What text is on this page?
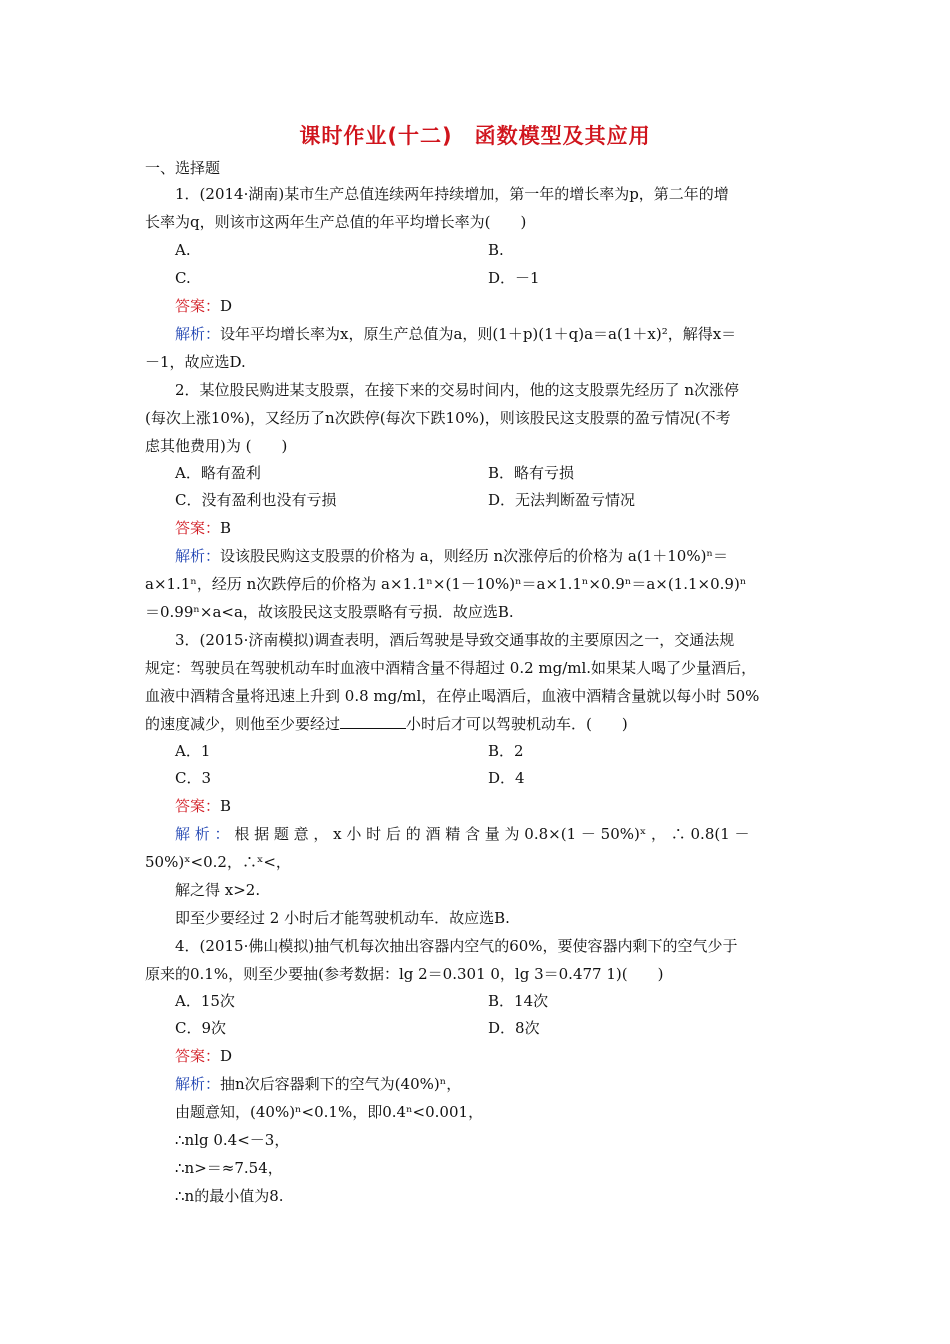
课时作业(十二)　函数模型及其应用
一、选择题
1．(2014·湖南)某市生产总值连续两年持续增加，第一年的增长率为p，第二年的增
长率为q，则该市这两年生产总值的年平均增长率为(　　)
A.	B.
C.	D．－1
答案：D
解析：设年平均增长率为x，原生产总值为a，则(1＋p)(1＋q)a＝a(1＋x)²，解得x＝
－1，故应选D.
2．某位股民购进某支股票，在接下来的交易时间内，他的这支股票先经历了 n次涨停
(每次上涨10%)，又经历了n次跌停(每次下跌10%)，则该股民这支股票的盈亏情况(不考
虑其他费用)为 (　　)
A．略有盈利	B．略有亏损
C．没有盈利也没有亏损	D．无法判断盈亏情况
答案：B
解析：设该股民购这支股票的价格为 a，则经历 n次涨停后的价格为 a(1＋10%)ⁿ＝
a×1.1ⁿ，经历 n次跌停后的价格为 a×1.1ⁿ×(1－10%)ⁿ＝a×1.1ⁿ×0.9ⁿ＝a×(1.1×0.9)ⁿ
＝0.99ⁿ×a<a，故该股民这支股票略有亏损．故应选B.
3．(2015·济南模拟)调查表明，酒后驾驶是导致交通事故的主要原因之一，交通法规
规定：驾驶员在驾驶机动车时血液中酒精含量不得超过 0.2 mg/ml.如果某人喝了少量酒后，
血液中酒精含量将迅速上升到 0.8 mg/ml，在停止喝酒后，血液中酒精含量就以每小时 50%
的速度减少，则他至少要经过	小时后才可以驾驶机动车．(　　)
A．1	B．2
C．3	D．4
答案：B
解 析 ： 根 据 题 意 ， x 小 时 后 的 酒 精 含 量 为 0.8×(1 － 50%)ˣ ， ∴ 0.8(1 －
50%)ˣ<0.2，∴ˣ<，
解之得 x>2.
即至少要经过 2 小时后才能驾驶机动车．故应选B.
4．(2015·佛山模拟)抽气机每次抽出容器内空气的60%，要使容器内剩下的空气少于
原来的0.1%，则至少要抽(参考数据：lg 2＝0.301 0，lg 3＝0.477 1)(　　)
A．15次	B．14次
C．9次	D．8次
答案：D
解析：抽n次后容器剩下的空气为(40%)ⁿ，
由题意知，(40%)ⁿ<0.1%，即0.4ⁿ<0.001，
∴nlg 0.4<－3，
∴n>＝≈7.54，
∴n的最小值为8.
